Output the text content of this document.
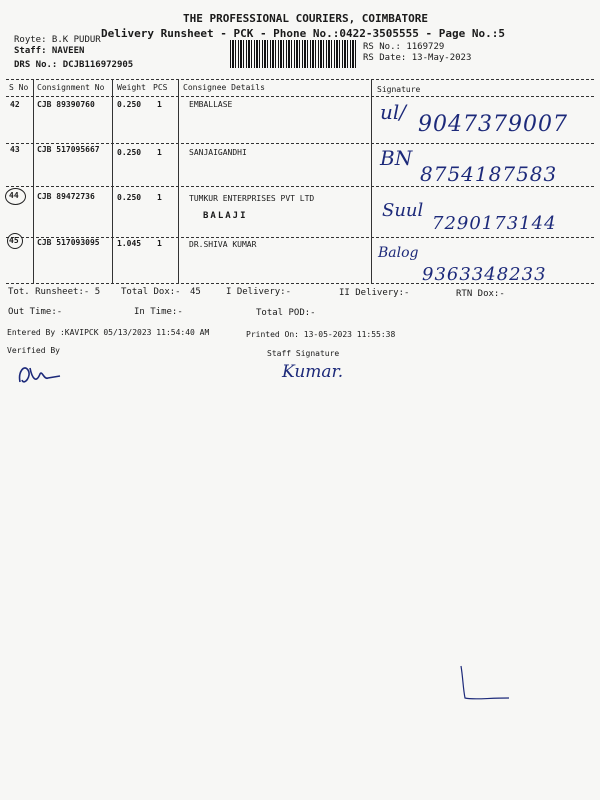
THE PROFESSIONAL COURIERS, COIMBATORE
Delivery Runsheet - PCK - Phone No.:0422-3505555 - Page No.:5
Royte: B.K PUDUR
Staff: NAVEEN
DRS No.: DCJB116972905
RS No.: 1169729
RS Date: 13-May-2023
S No Consignment No Weight PCS Consignee Details	Signature
42 CJB 89390760	0.250 1	EMBALLASE	ul/ 9047379007
43 CJB 517095667 0.250 1	SANJAIGANDHI	BN
8754187583
44 CJB 89472736	0.250 1	TUMKUR ENTERPRISES PVT LTD
BALAJI	Suul
7290173144
45 CJB 517093095 1.045 1	DR.SHIVA KUMAR
Balog
9363348233
Tot. Runsheet:- 5 Total Dox:- 45	I Delivery:-	II Delivery:-	RTN Dox:-
Out Time:-	In Time:-	Total POD:-
Entered By :KAVIPCK 05/13/2023 11:54:40 AM	Printed On: 13-05-2023 11:55:38
Verified By	Staff Signature
Kumar.
